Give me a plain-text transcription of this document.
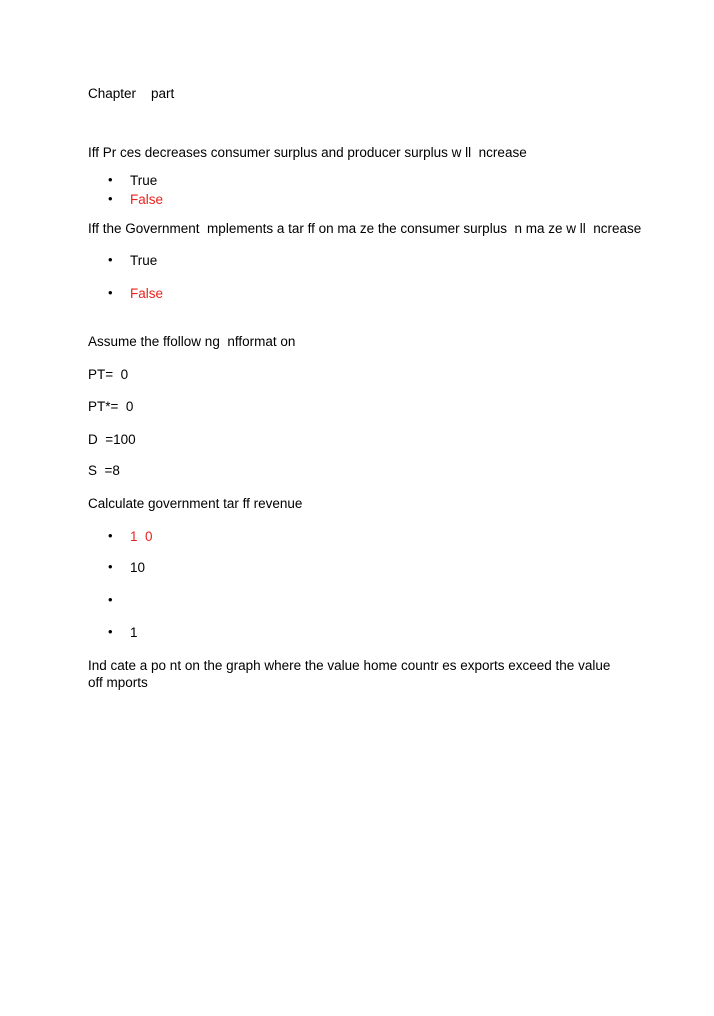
Chapter    part
Iff Pr ces decreases consumer surplus and producer surplus w ll  ncrease
• True
• False
Iff the Government  mplements a tar ff on ma ze the consumer surplus  n ma ze w ll  ncrease
• True
• False
Assume the ffollow ng  nfformat on
PT=  0
PT*=  0
D  =100
S  =8
Calculate government tar ff revenue
• 1  0
• 10
•
• 1
Ind cate a po nt on the graph where the value home countr es exports exceed the value off mports
